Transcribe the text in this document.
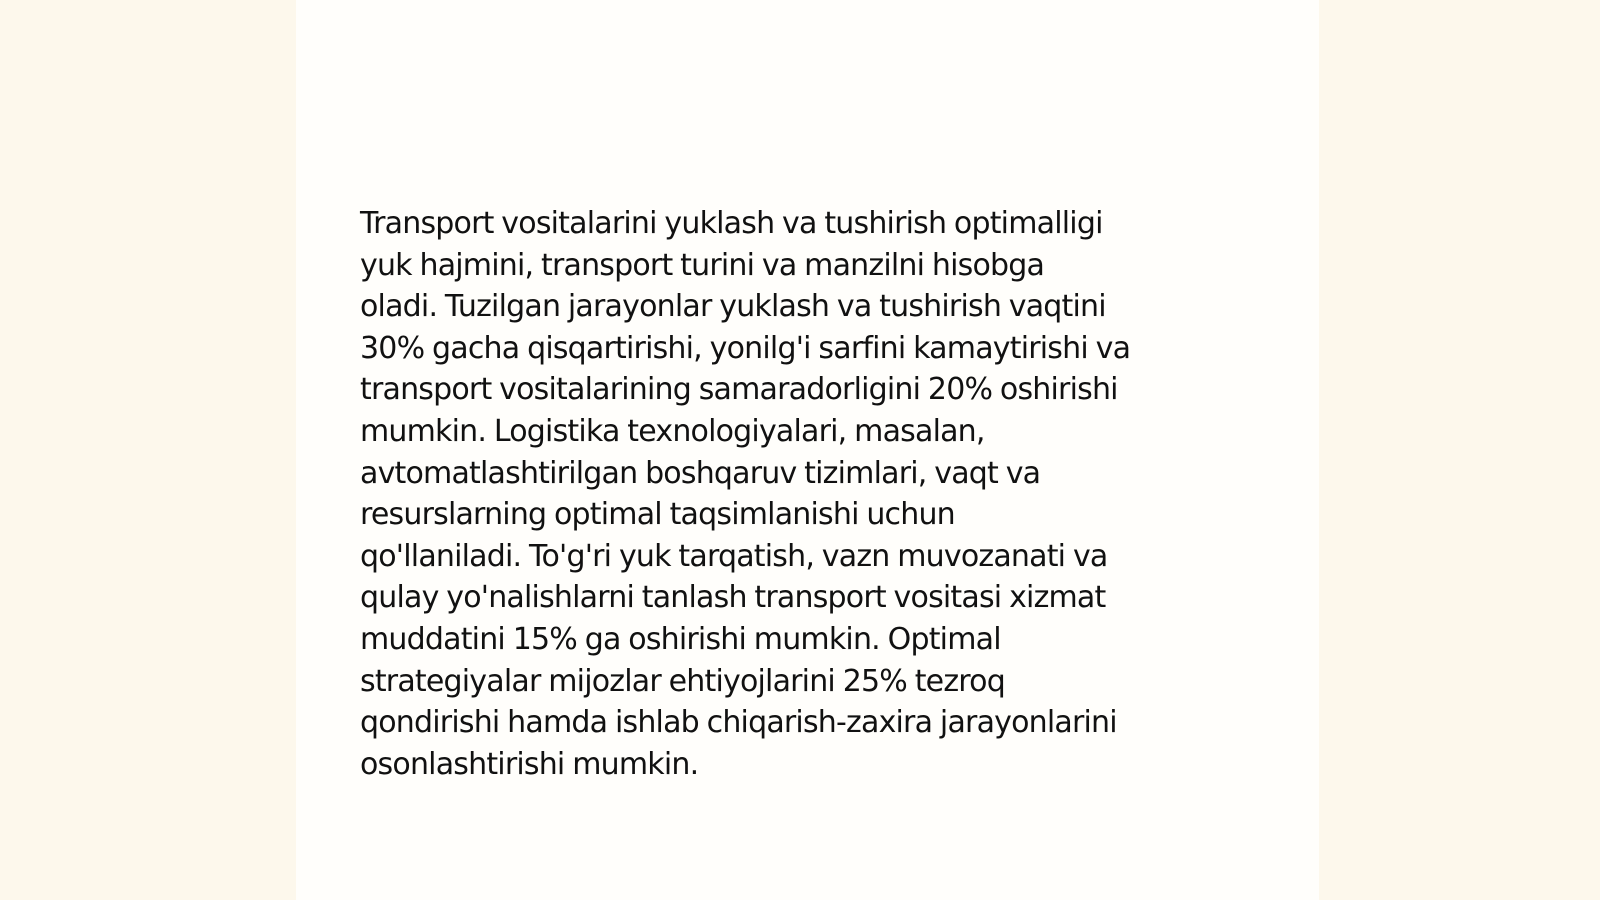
Transport vositalarini yuklash va tushirish optimalligi
yuk hajmini, transport turini va manzilni hisobga
oladi. Tuzilgan jarayonlar yuklash va tushirish vaqtini
30% gacha qisqartirishi, yonilg'i sarfini kamaytirishi va
transport vositalarining samaradorligini 20% oshirishi
mumkin. Logistika texnologiyalari, masalan,
avtomatlashtirilgan boshqaruv tizimlari, vaqt va
resurslarning optimal taqsimlanishi uchun
qo'llaniladi. To'g'ri yuk tarqatish, vazn muvozanati va
qulay yo'nalishlarni tanlash transport vositasi xizmat
muddatini 15% ga oshirishi mumkin. Optimal
strategiyalar mijozlar ehtiyojlarini 25% tezroq
qondirishi hamda ishlab chiqarish-zaxira jarayonlarini
osonlashtirishi mumkin.
